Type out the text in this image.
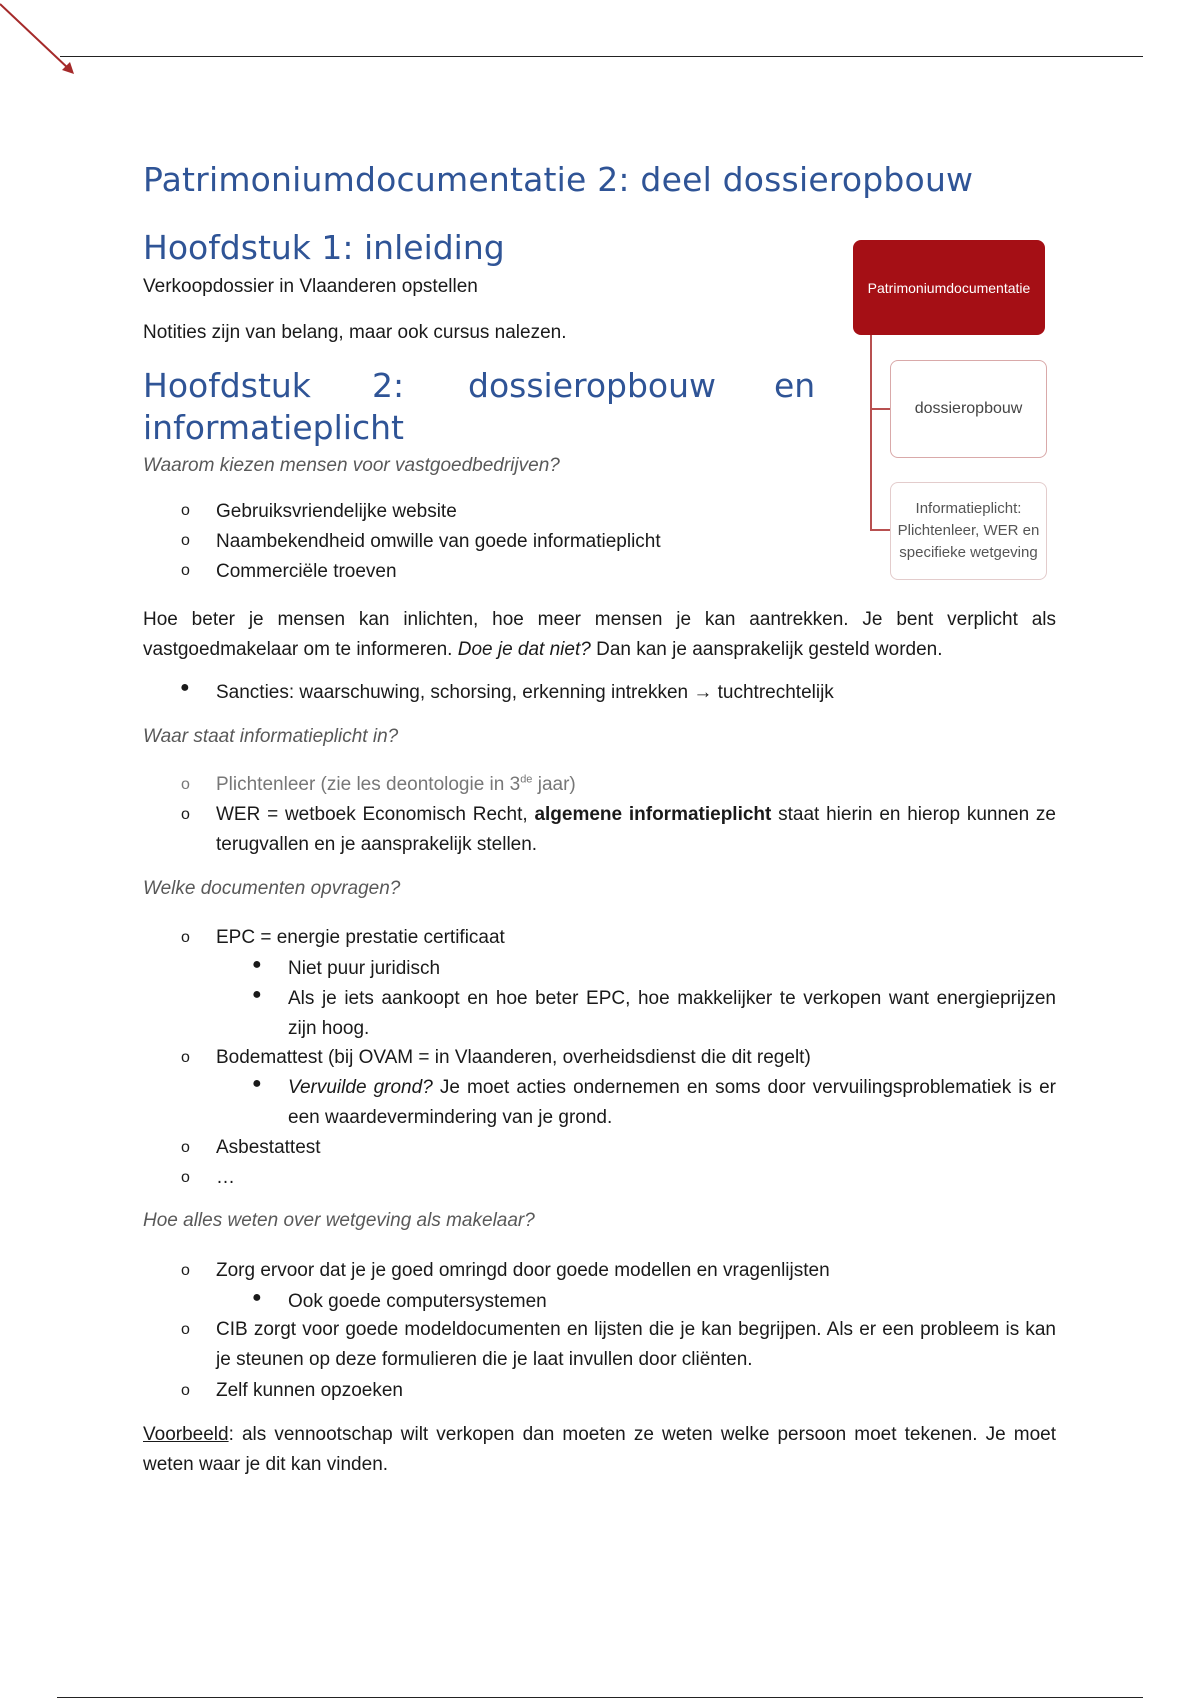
Patrimoniumdocumentatie 2: deel dossieropbouw
Hoofdstuk 1: inleiding

Verkoopdossier in Vlaanderen opstellen

Notities zijn van belang, maar ook cursus nalezen.

Hoofdstuk 2: dossieropbouw en
informatieplicht

Waarom kiezen mensen voor vastgoedbedrijven?

o Gebruiksvriendelijke website

o Naambekendheid omwille van goede informatieplicht

o Commerciële troeven

Hoe beter je mensen kan inlichten, hoe meer mensen je kan aantrekken. Je bent verplicht als vastgoedmakelaar om te informeren. Doe je dat niet? Dan kan je aansprakelijk gesteld worden.

● Sancties: waarschuwing, schorsing, erkenning intrekken → tuchtrechtelijk

Waar staat informatieplicht in?

o Plichtenleer (zie les deontologie in 3de jaar)

o WER = wetboek Economisch Recht, algemene informatieplicht staat hierin en hierop kunnen ze terugvallen en je aansprakelijk stellen.

Welke documenten opvragen?

o EPC = energie prestatie certificaat

● Niet puur juridisch

● Als je iets aankoopt en hoe beter EPC, hoe makkelijker te verkopen want energieprijzen zijn hoog.

o Bodemattest (bij OVAM = in Vlaanderen, overheidsdienst die dit regelt)

● Vervuilde grond? Je moet acties ondernemen en soms door vervuilingsproblematiek is er een waardevermindering van je grond.

o Asbestattest

o …

Hoe alles weten over wetgeving als makelaar?

o Zorg ervoor dat je je goed omringd door goede modellen en vragenlijsten

● Ook goede computersystemen

o CIB zorgt voor goede modeldocumenten en lijsten die je kan begrijpen. Als er een probleem is kan je steunen op deze formulieren die je laat invullen door cliënten.

o Zelf kunnen opzoeken

Voorbeeld: als vennootschap wilt verkopen dan moeten ze weten welke persoon moet tekenen. Je moet weten waar je dit kan vinden.

Patrimoniumdocumentatie
dossieropbouw
Informatieplicht: Plichtenleer, WER en specifieke wetgeving
